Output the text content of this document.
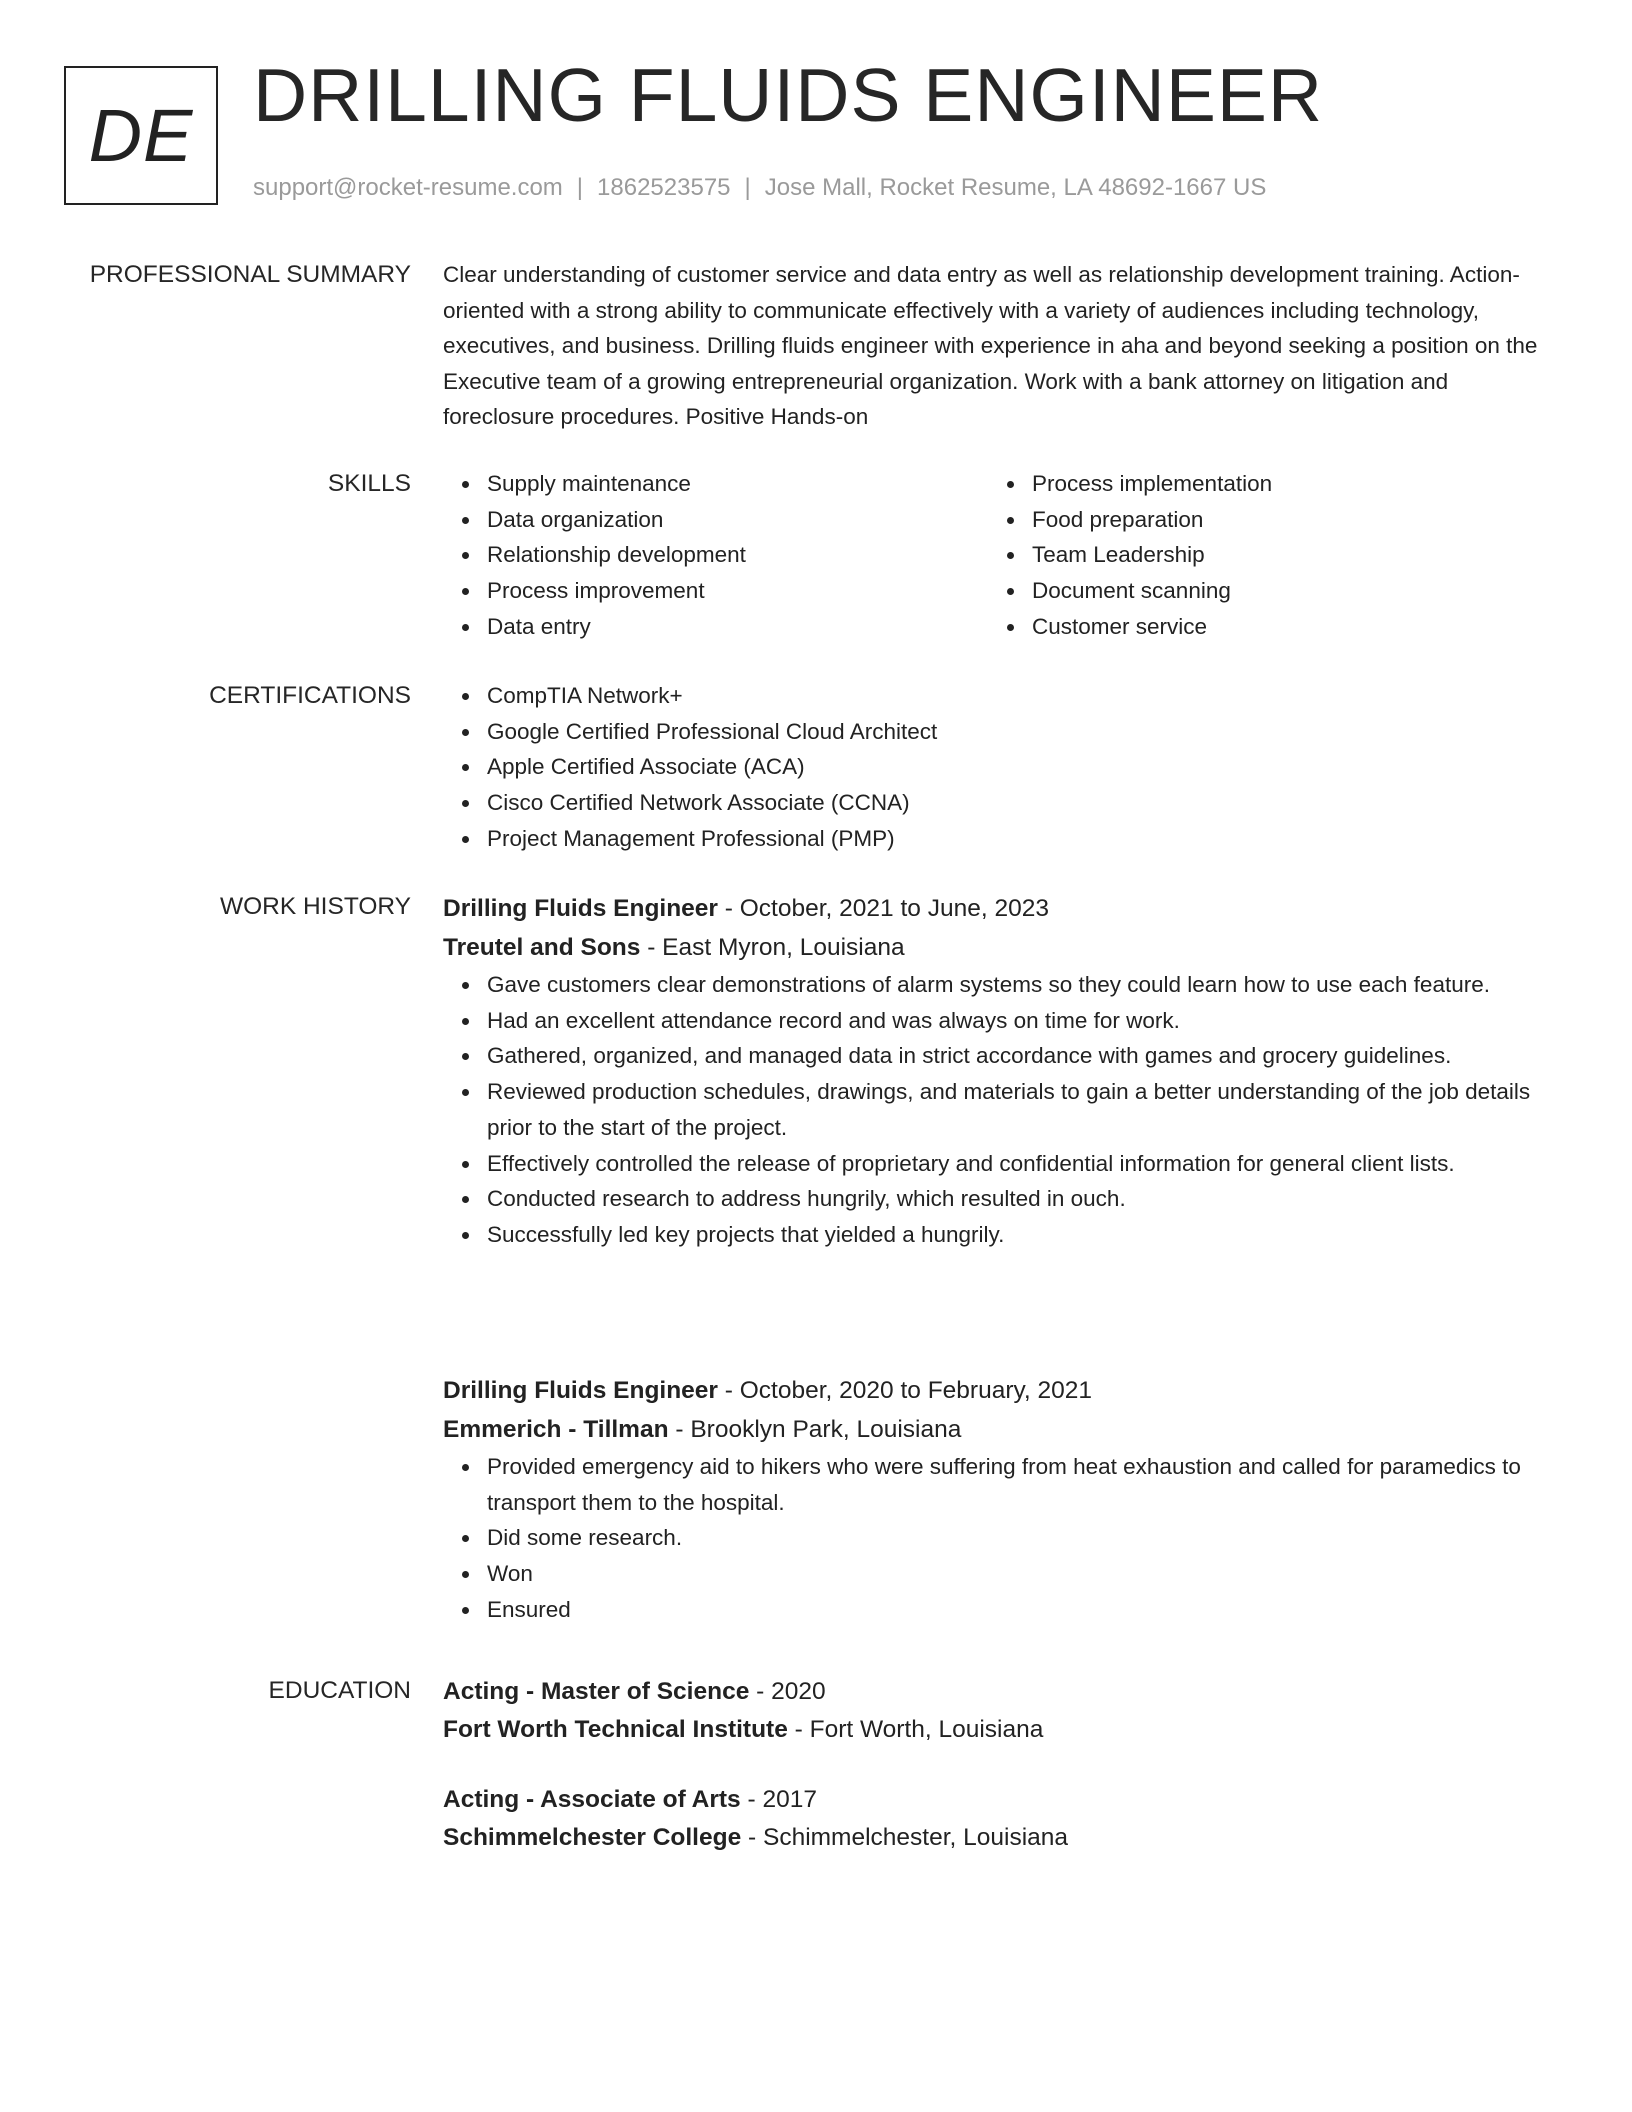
DE DRILLING FLUIDS ENGINEER
support@rocket-resume.com | 1862523575 | Jose Mall, Rocket Resume, LA 48692-1667 US
PROFESSIONAL SUMMARY Clear understanding of customer service and data entry as well as relationship development training. Action-oriented with a strong ability to communicate effectively with a variety of audiences including technology, executives, and business. Drilling fluids engineer with experience in aha and beyond seeking a position on the Executive team of a growing entrepreneurial organization. Work with a bank attorney on litigation and foreclosure procedures. Positive Hands-on

SKILLS	Supply maintenance
Data organization
Relationship development
Process improvement
Data entry
Process implementation
Food preparation
Team Leadership
Document scanning
Customer service
CERTIFICATIONS	CompTIA Network+
Google Certified Professional Cloud Architect
Apple Certified Associate (ACA)
Cisco Certified Network Associate (CCNA)
Project Management Professional (PMP)
WORK HISTORY Drilling Fluids Engineer - October, 2021 to June, 2023
Treutel and Sons - East Myron, Louisiana
Gave customers clear demonstrations of alarm systems so they could learn how to use each feature.
Had an excellent attendance record and was always on time for work.
Gathered, organized, and managed data in strict accordance with games and grocery guidelines.
Reviewed production schedules, drawings, and materials to gain a better understanding of the job details prior to the start of the project.
Effectively controlled the release of proprietary and confidential information for general client lists.
Conducted research to address hungrily, which resulted in ouch.
Successfully led key projects that yielded a hungrily.
Drilling Fluids Engineer - October, 2020 to February, 2021
Emmerich - Tillman - Brooklyn Park, Louisiana
Provided emergency aid to hikers who were suffering from heat exhaustion and called for paramedics to transport them to the hospital.
Did some research.
Won
Ensured
EDUCATION Acting - Master of Science - 2020
Fort Worth Technical Institute - Fort Worth, Louisiana
Acting - Associate of Arts - 2017
Schimmelchester College - Schimmelchester, Louisiana
